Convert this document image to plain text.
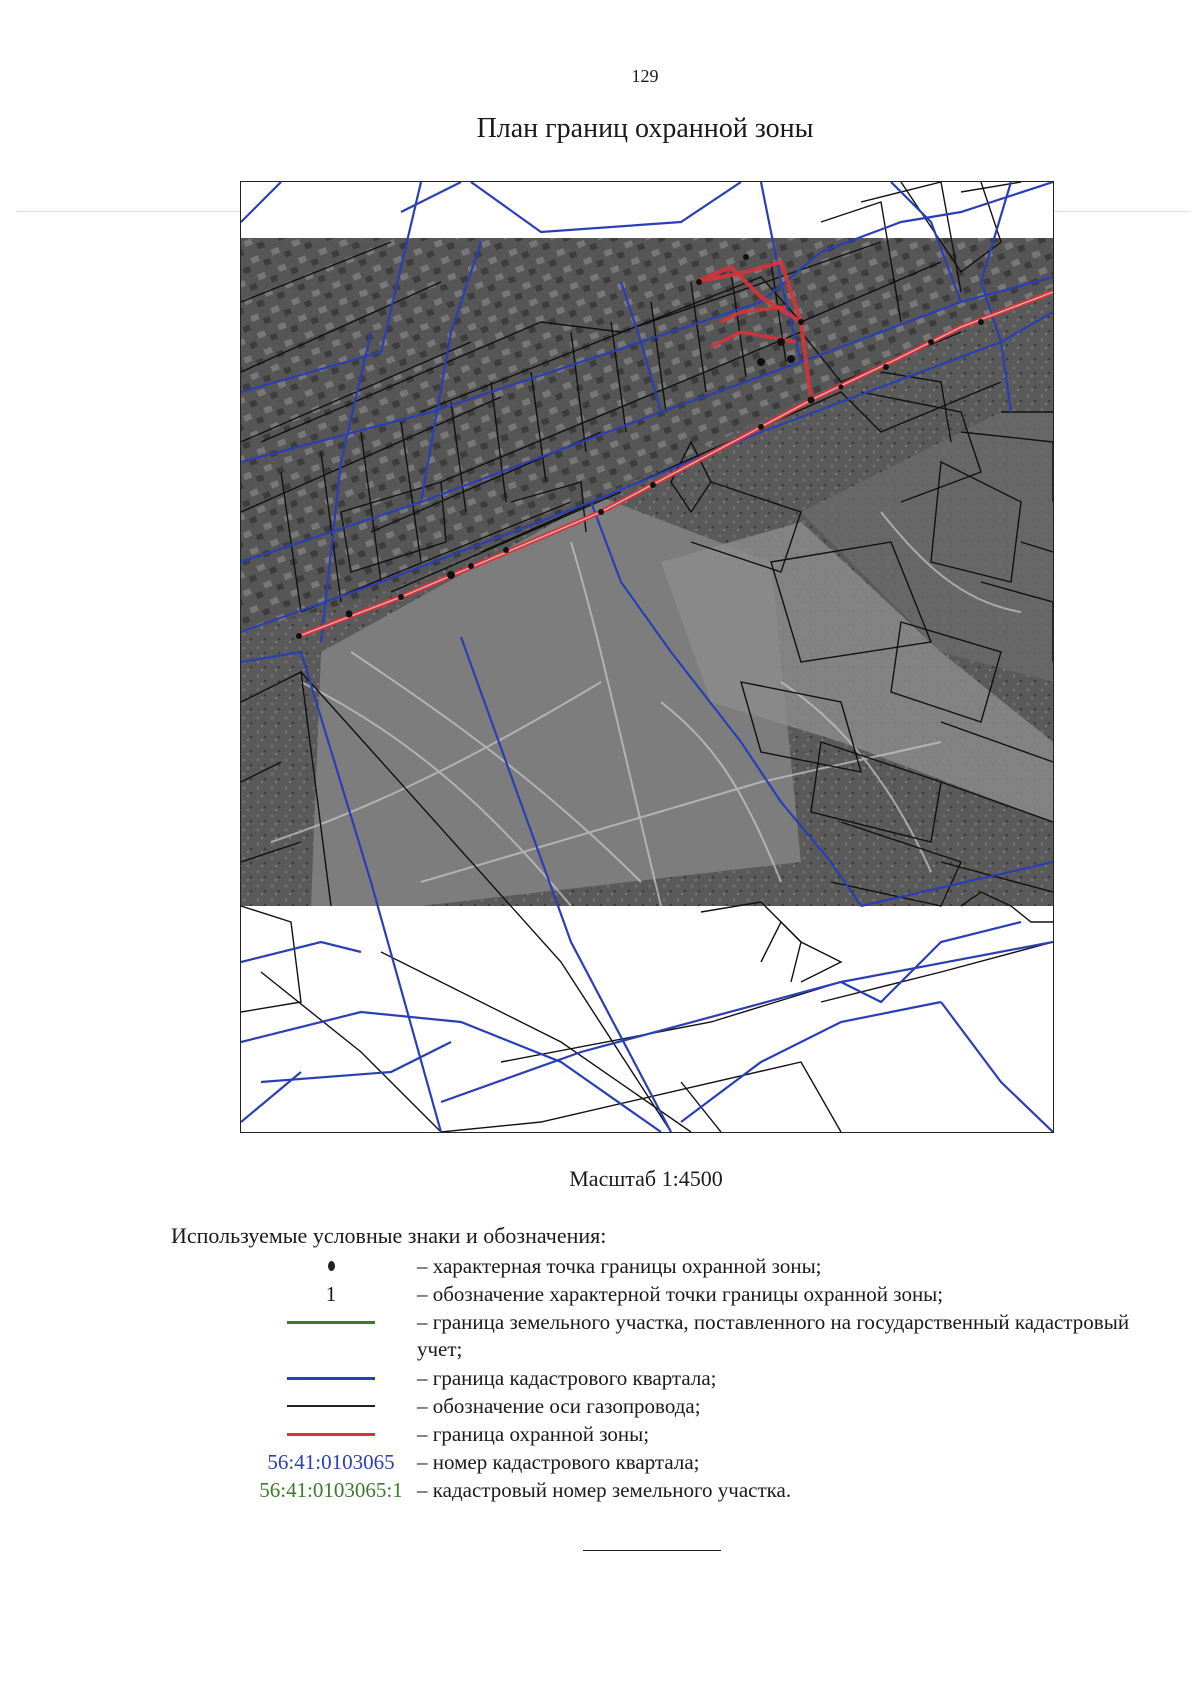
129
План границ охранной зоны
Масштаб 1:4500
Используемые условные знаки и обозначения:
– характерная точка границы охранной зоны;
1	– обозначение характерной точки границы охранной зоны;
– граница земельного участка, поставленного на государственный кадастровый учет;
– граница кадастрового квартала;
– обозначение оси газопровода;
– граница охранной зоны;
56:41:0103065 – номер кадастрового квартала;
56:41:0103065:1 – кадастровый номер земельного участка.
